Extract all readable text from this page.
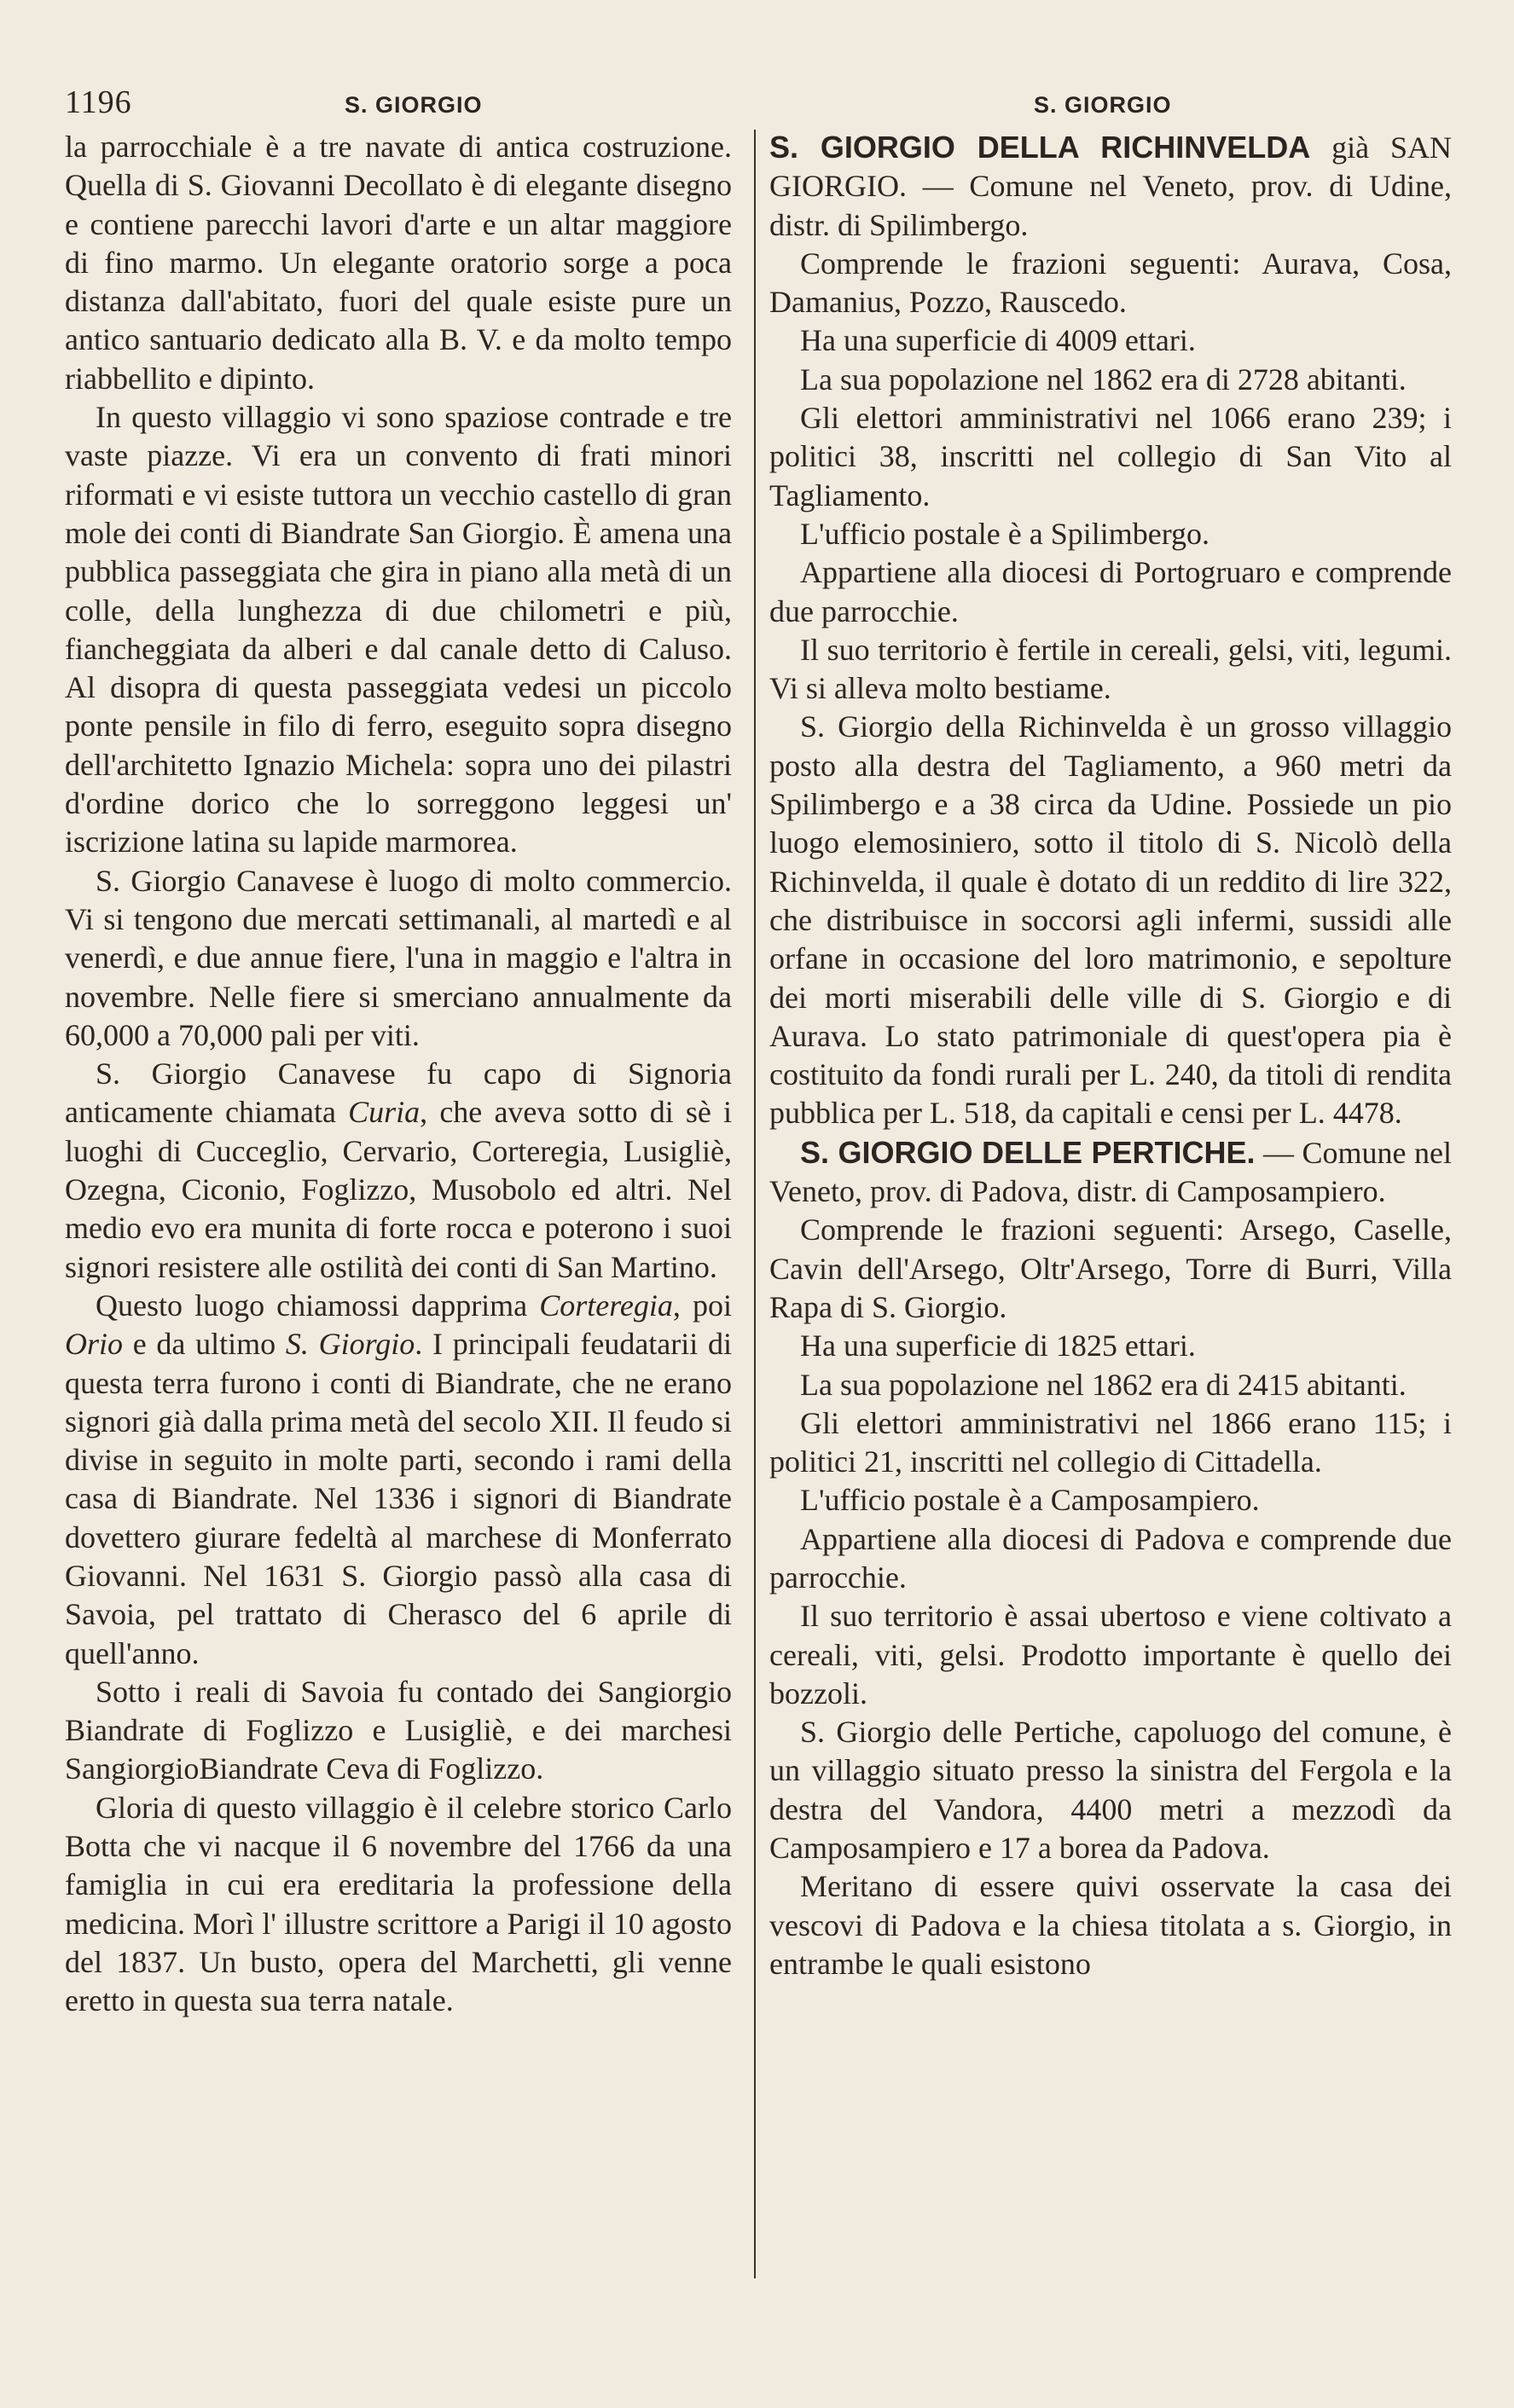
1196	S. GIORGIO	S. GIORGIO

la parrocchiale è a tre navate di antica costruzione. Quella di S. Giovanni Decollato è di elegante disegno e contiene parecchi lavori d'arte e un altar maggiore di fino marmo. Un elegante oratorio sorge a poca distanza dall'abitato, fuori del quale esiste pure un antico santuario dedicato alla B. V. e da molto tempo riabbellito e dipinto.

In questo villaggio vi sono spaziose contrade e tre vaste piazze. Vi era un convento di frati minori riformati e vi esiste tuttora un vecchio castello di gran mole dei conti di Biandrate San Giorgio. È amena una pubblica passeggiata che gira in piano alla metà di un colle, della lunghezza di due chilometri e più, fiancheggiata da alberi e dal canale detto di Caluso. Al disopra di questa passeggiata vedesi un piccolo ponte pensile in filo di ferro, eseguito sopra disegno dell'architetto Ignazio Michela: sopra uno dei pilastri d'ordine dorico che lo sorreggono leggesi un' iscrizione latina su lapide marmorea.

S. Giorgio Canavese è luogo di molto commercio. Vi si tengono due mercati settimanali, al martedì e al venerdì, e due annue fiere, l'una in maggio e l'altra in novembre. Nelle fiere si smerciano annualmente da 60,000 a 70,000 pali per viti.

S. Giorgio Canavese fu capo di Signoria anticamente chiamata Curia, che aveva sotto di sè i luoghi di Cucceglio, Cervario, Corteregia, Lusigliè, Ozegna, Ciconio, Foglizzo, Musobolo ed altri. Nel medio evo era munita di forte rocca e poterono i suoi signori resistere alle ostilità dei conti di San Martino.

Questo luogo chiamossi dapprima Corteregia, poi Orio e da ultimo S. Giorgio. I principali feudatarii di questa terra furono i conti di Biandrate, che ne erano signori già dalla prima metà del secolo XII. Il feudo si divise in seguito in molte parti, secondo i rami della casa di Biandrate. Nel 1336 i signori di Biandrate dovettero giurare fedeltà al marchese di Monferrato Giovanni. Nel 1631 S. Giorgio passò alla casa di Savoia, pel trattato di Cherasco del 6 aprile di quell'anno.

Sotto i reali di Savoia fu contado dei Sangiorgio Biandrate di Foglizzo e Lusigliè, e dei marchesi SangiorgioBiandrate Ceva di Foglizzo.

Gloria di questo villaggio è il celebre storico Carlo Botta che vi nacque il 6 novembre del 1766 da una famiglia in cui era ereditaria la professione della medicina. Morì l' illustre scrittore a Parigi il 10 agosto del 1837. Un busto, opera del Marchetti, gli venne eretto in questa sua terra natale.

S. GIORGIO DELLA RICHINVELDA già SAN GIORGIO. — Comune nel Veneto, prov. di Udine, distr. di Spilimbergo.

Comprende le frazioni seguenti: Aurava, Cosa, Damanius, Pozzo, Rauscedo.

Ha una superficie di 4009 ettari.

La sua popolazione nel 1862 era di 2728 abitanti.

Gli elettori amministrativi nel 1066 erano 239; i politici 38, inscritti nel collegio di San Vito al Tagliamento.

L'ufficio postale è a Spilimbergo.

Appartiene alla diocesi di Portogruaro e comprende due parrocchie.

Il suo territorio è fertile in cereali, gelsi, viti, legumi. Vi si alleva molto bestiame.

S. Giorgio della Richinvelda è un grosso villaggio posto alla destra del Tagliamento, a 960 metri da Spilimbergo e a 38 circa da Udine. Possiede un pio luogo elemosiniero, sotto il titolo di S. Nicolò della Richinvelda, il quale è dotato di un reddito di lire 322, che distribuisce in soccorsi agli infermi, sussidi alle orfane in occasione del loro matrimonio, e sepolture dei morti miserabili delle ville di S. Giorgio e di Aurava. Lo stato patrimoniale di quest'opera pia è costituito da fondi rurali per L. 240, da titoli di rendita pubblica per L. 518, da capitali e censi per L. 4478.

S. GIORGIO DELLE PERTICHE. — Comune nel Veneto, prov. di Padova, distr. di Camposampiero.

Comprende le frazioni seguenti: Arsego, Caselle, Cavin dell'Arsego, Oltr'Arsego, Torre di Burri, Villa Rapa di S. Giorgio.

Ha una superficie di 1825 ettari.

La sua popolazione nel 1862 era di 2415 abitanti.

Gli elettori amministrativi nel 1866 erano 115; i politici 21, inscritti nel collegio di Cittadella.

L'ufficio postale è a Camposampiero.

Appartiene alla diocesi di Padova e comprende due parrocchie.

Il suo territorio è assai ubertoso e viene coltivato a cereali, viti, gelsi. Prodotto importante è quello dei bozzoli.

S. Giorgio delle Pertiche, capoluogo del comune, è un villaggio situato presso la sinistra del Fergola e la destra del Vandora, 4400 metri a mezzodì da Camposampiero e 17 a borea da Padova.

Meritano di essere quivi osservate la casa dei vescovi di Padova e la chiesa titolata a s. Giorgio, in entrambe le quali esistono
